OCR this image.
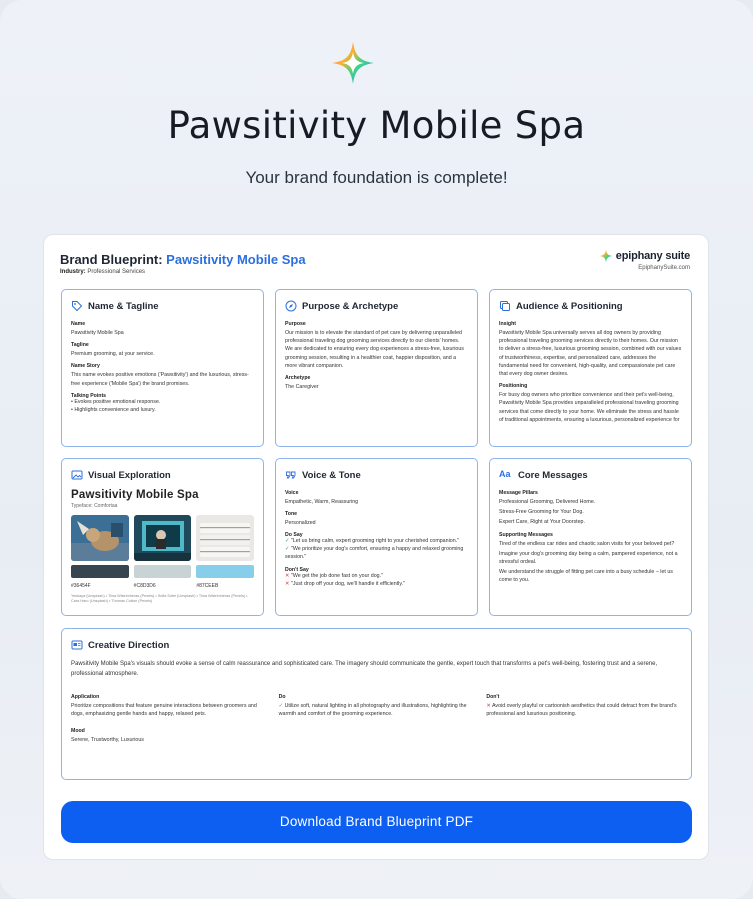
Pawsitivity Mobile Spa
Your brand foundation is complete!
Brand Blueprint: Pawsitivity Mobile Spa
Industry: Professional Services
epiphany suite
EpiphanySuite.com
Name & Tagline
Name
Pawsitivity Mobile Spa
Tagline
Premium grooming, at your service.
Name Story
This name evokes positive emotions ('Pawsitivity') and the luxurious, stress-free experience ('Mobile Spa') the brand promises.
Talking Points
• Evokes positive emotional response.
• Highlights convenience and luxury.
Purpose & Archetype
Purpose
Our mission is to elevate the standard of pet care by delivering unparalleled professional traveling dog grooming services directly to our clients' homes. We are dedicated to ensuring every dog experiences a stress-free, luxurious grooming session, resulting in a healthier coat, happier disposition, and a more vibrant companion.
Archetype
The Caregiver
Audience & Positioning
Insight
Pawsitivity Mobile Spa universally serves all dog owners by providing professional traveling grooming services directly to their homes. Our mission to deliver a stress-free, luxurious grooming session, combined with our values of trustworthiness, expertise, and personalized care, addresses the fundamental need for convenient, high-quality, and compassionate pet care that every dog owner desires.
Positioning
For busy dog owners who prioritize convenience and their pet's well-being, Pawsitivity Mobile Spa provides unparalleled professional traveling grooming services that come directly to your home. We eliminate the stress and hassle of traditional appointments, ensuring a luxurious, personalized experience for
Visual Exploration
Pawsitivity Mobile Spa
Typeface: Comfortaa
#36454F	#C8D3D6	#87CEEB
Yeskaya (Unsplash) • Tiina Wistrimheras (Pexels) • Sofia Sofei (Unsplash) • Tiina Wistrimheras (Pexels) • Cara Haro (Unsplash) • Thomas Cotton (Pexels)
Voice & Tone
Voice
Empathetic, Warm, Reassuring
Tone
Personalized
Do Say
✓ "Let us bring calm, expert grooming right to your cherished companion."
✓ "We prioritize your dog's comfort, ensuring a happy and relaxed grooming session."
Don't Say
✕ "We get the job done fast on your dog."
✕ "Just drop off your dog, we'll handle it efficiently."
Aa Core Messages
Message Pillars
Professional Grooming, Delivered Home.
Stress-Free Grooming for Your Dog.
Expert Care, Right at Your Doorstep.
Supporting Messages
Tired of the endless car rides and chaotic salon visits for your beloved pet?
Imagine your dog's grooming day being a calm, pampered experience, not a stressful ordeal.
We understand the struggle of fitting pet care into a busy schedule – let us come to you.
Creative Direction
Pawsitivity Mobile Spa's visuals should evoke a sense of calm reassurance and sophisticated care. The imagery should communicate the gentle, expert touch that transforms a pet's well-being, fostering trust and a serene, professional atmosphere.
Application
Prioritize compositions that feature genuine interactions between groomers and dogs, emphasizing gentle hands and happy, relaxed pets.
Mood
Serene, Trustworthy, Luxurious
Do
✓ Utilize soft, natural lighting in all photography and illustrations, highlighting the warmth and comfort of the grooming experience.
Don't
✕ Avoid overly playful or cartoonish aesthetics that could detract from the brand's professional and luxurious positioning.
Download Brand Blueprint PDF
